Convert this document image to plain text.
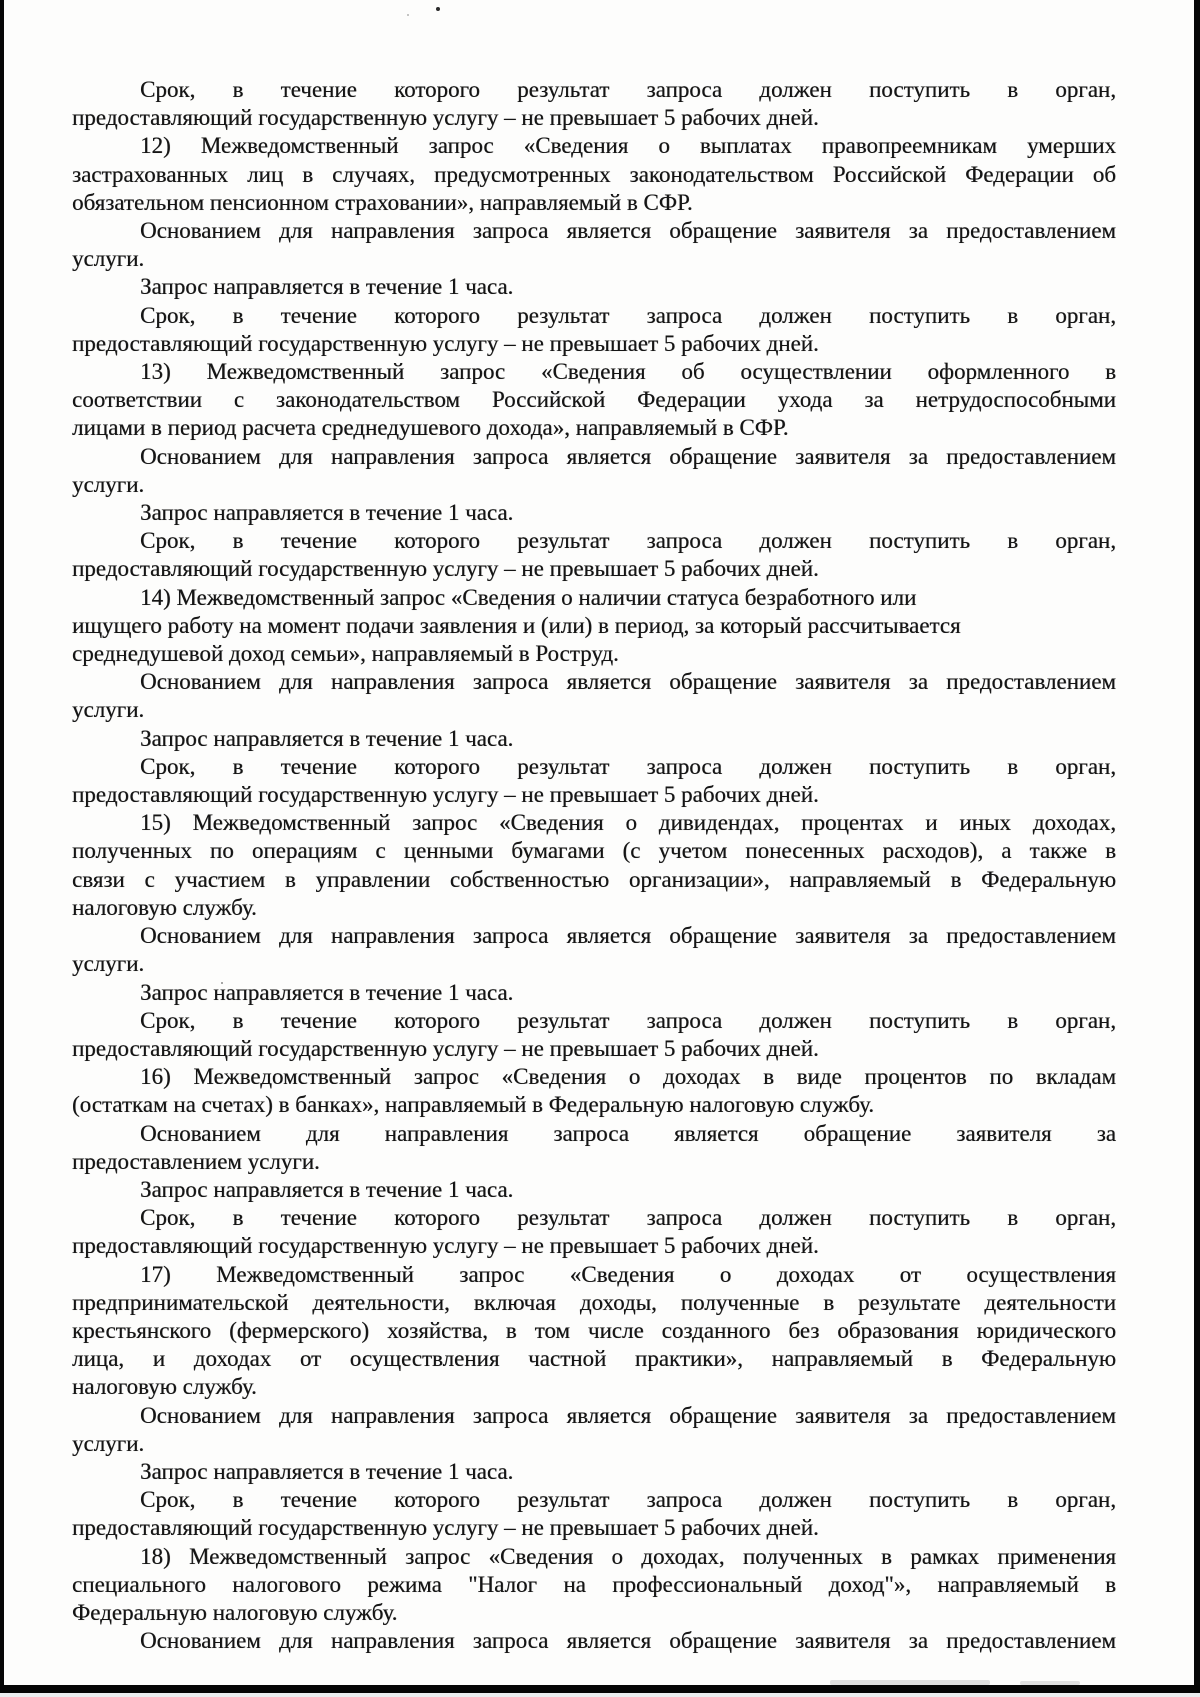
Срок, в течение которого результат запроса должен поступить в орган,
предоставляющий государственную услугу – не превышает 5 рабочих дней.
12) Межведомственный запрос «Сведения о выплатах правопреемникам умерших
застрахованных лиц в случаях, предусмотренных законодательством Российской Федерации об
обязательном пенсионном страховании», направляемый в СФР.
Основанием для направления запроса является обращение заявителя за предоставлением
услуги.
Запрос направляется в течение 1 часа.
Срок, в течение которого результат запроса должен поступить в орган,
предоставляющий государственную услугу – не превышает 5 рабочих дней.
13) Межведомственный запрос «Сведения об осуществлении оформленного в
соответствии с законодательством Российской Федерации ухода за нетрудоспособными
лицами в период расчета среднедушевого дохода», направляемый в СФР.
Основанием для направления запроса является обращение заявителя за предоставлением
услуги.
Запрос направляется в течение 1 часа.
Срок, в течение которого результат запроса должен поступить в орган,
предоставляющий государственную услугу – не превышает 5 рабочих дней.
14) Межведомственный запрос «Сведения о наличии статуса безработного или
ищущего работу на момент подачи заявления и (или) в период, за который рассчитывается
среднедушевой доход семьи», направляемый в Роструд.
Основанием для направления запроса является обращение заявителя за предоставлением
услуги.
Запрос направляется в течение 1 часа.
Срок, в течение которого результат запроса должен поступить в орган,
предоставляющий государственную услугу – не превышает 5 рабочих дней.
15) Межведомственный запрос «Сведения о дивидендах, процентах и иных доходах,
полученных по операциям с ценными бумагами (с учетом понесенных расходов), а также в
связи с участием в управлении собственностью организации», направляемый в Федеральную
налоговую службу.
Основанием для направления запроса является обращение заявителя за предоставлением
услуги.
Запрос направляется в течение 1 часа.
Срок, в течение которого результат запроса должен поступить в орган,
предоставляющий государственную услугу – не превышает 5 рабочих дней.
16) Межведомственный запрос «Сведения о доходах в виде процентов по вкладам
(остаткам на счетах) в банках», направляемый в Федеральную налоговую службу.
Основанием для направления запроса является обращение заявителя за
предоставлением услуги.
Запрос направляется в течение 1 часа.
Срок, в течение которого результат запроса должен поступить в орган,
предоставляющий государственную услугу – не превышает 5 рабочих дней.
17) Межведомственный запрос «Сведения о доходах от осуществления
предпринимательской деятельности, включая доходы, полученные в результате деятельности
крестьянского (фермерского) хозяйства, в том числе созданного без образования юридического
лица, и доходах от осуществления частной практики», направляемый в Федеральную
налоговую службу.
Основанием для направления запроса является обращение заявителя за предоставлением
услуги.
Запрос направляется в течение 1 часа.
Срок, в течение которого результат запроса должен поступить в орган,
предоставляющий государственную услугу – не превышает 5 рабочих дней.
18) Межведомственный запрос «Сведения о доходах, полученных в рамках применения
специального налогового режима "Налог на профессиональный доход"», направляемый в
Федеральную налоговую службу.
Основанием для направления запроса является обращение заявителя за предоставлением
